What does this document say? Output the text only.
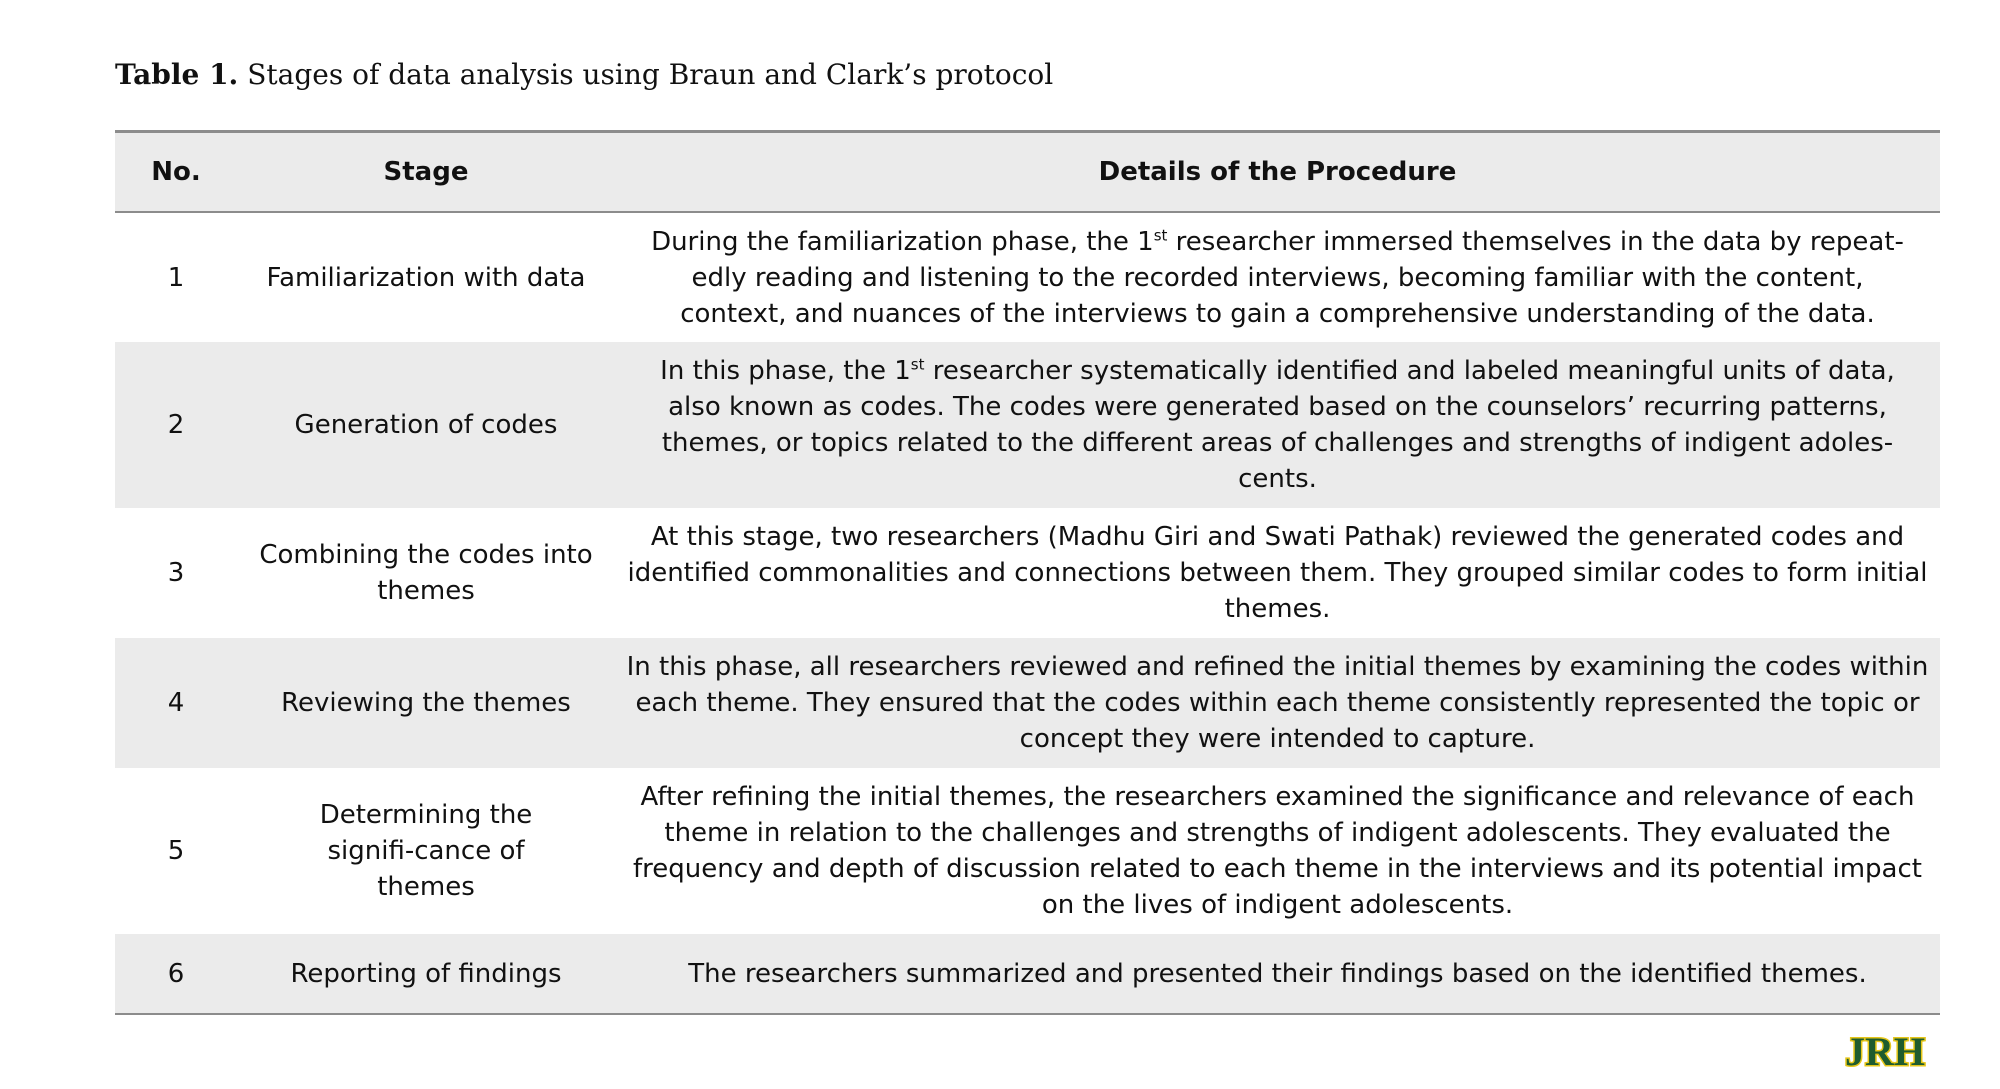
Table 1. Stages of data analysis using Braun and Clark’s protocol
No.	Stage	Details of the Procedure
1	Familiarization with data	During the familiarization phase, the 1st researcher immersed themselves in the data by repeat-edly reading and listening to the recorded interviews, becoming familiar with the content, context, and nuances of the interviews to gain a comprehensive understanding of the data.
2	Generation of codes	In this phase, the 1st researcher systematically identified and labeled meaningful units of data, also known as codes. The codes were generated based on the counselors’ recurring patterns, themes, or topics related to the different areas of challenges and strengths of indigent adoles-cents.
3	Combining the codes into themes	At this stage, two researchers (Madhu Giri and Swati Pathak) reviewed the generated codes and identified commonalities and connections between them. They grouped similar codes to form initial themes.
4	Reviewing the themes	In this phase, all researchers reviewed and refined the initial themes by examining the codes within each theme. They ensured that the codes within each theme consistently represented the topic or concept they were intended to capture.
5	Determining the signifi-cance of themes	After refining the initial themes, the researchers examined the significance and relevance of each theme in relation to the challenges and strengths of indigent adolescents. They evaluated the frequency and depth of discussion related to each theme in the interviews and its potential impact on the lives of indigent adolescents.
6	Reporting of findings	The researchers summarized and presented their findings based on the identified themes.
JRH
